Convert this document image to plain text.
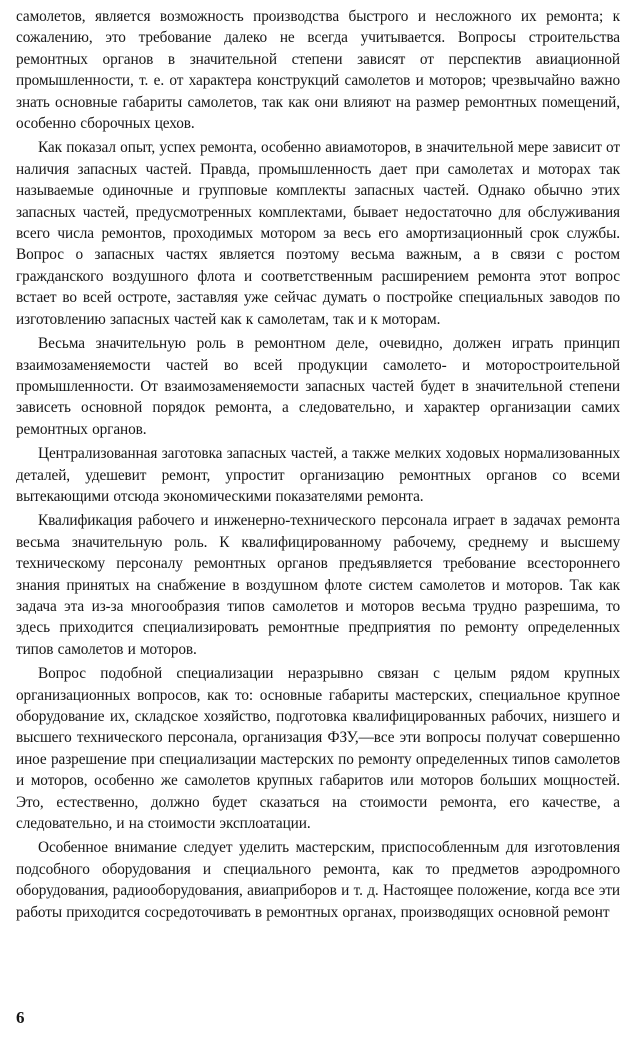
самолетов, является возможность производства быстрого и несложного их ремонта; к сожалению, это требование далеко не всегда учитывается. Вопросы строительства ремонтных органов в значительной степени зависят от перспектив авиационной промышленности, т. е. от характера конструкций самолетов и моторов; чрезвычайно важно знать основные габариты самолетов, так как они влияют на размер ремонтных помещений, особенно сборочных цехов.

Как показал опыт, успех ремонта, особенно авиамоторов, в значительной мере зависит от наличия запасных частей. Правда, промышленность дает при самолетах и моторах так называемые одиночные и групповые комплекты запасных частей. Однако обычно этих запасных частей, предусмотренных комплектами, бывает недостаточно для обслуживания всего числа ремонтов, проходимых мотором за весь его амортизационный срок службы. Вопрос о запасных частях является поэтому весьма важным, а в связи с ростом гражданского воздушного флота и соответственным расширением ремонта этот вопрос встает во всей остроте, заставляя уже сейчас думать о постройке специальных заводов по изготовлению запасных частей как к самолетам, так и к моторам.

Весьма значительную роль в ремонтном деле, очевидно, должен играть принцип взаимозаменяемости частей во всей продукции самолето- и моторостроительной промышленности. От взаимозаменяемости запасных частей будет в значительной степени зависеть основной порядок ремонта, а следовательно, и характер организации самих ремонтных органов.

Централизованная заготовка запасных частей, а также мелких ходовых нормализованных деталей, удешевит ремонт, упростит организацию ремонтных органов со всеми вытекающими отсюда экономическими показателями ремонта.

Квалификация рабочего и инженерно-технического персонала играет в задачах ремонта весьма значительную роль. К квалифицированному рабочему, среднему и высшему техническому персоналу ремонтных органов предъявляется требование всестороннего знания принятых на снабжение в воздушном флоте систем самолетов и моторов. Так как задача эта из-за многообразия типов самолетов и моторов весьма трудно разрешима, то здесь приходится специализировать ремонтные предприятия по ремонту определенных типов самолетов и моторов.

Вопрос подобной специализации неразрывно связан с целым рядом крупных организационных вопросов, как то: основные габариты мастерских, специальное крупное оборудование их, складское хозяйство, подготовка квалифицированных рабочих, низшего и высшего технического персонала, организация ФЗУ,—все эти вопросы получат совершенно иное разрешение при специализации мастерских по ремонту определенных типов самолетов и моторов, особенно же самолетов крупных габаритов или моторов больших мощностей. Это, естественно, должно будет сказаться на стоимости ремонта, его качестве, а следовательно, и на стоимости эксплоатации.

Особенное внимание следует уделить мастерским, приспособленным для изготовления подсобного оборудования и специального ремонта, как то предметов аэродромного оборудования, радиооборудования, авиаприборов и т. д. Настоящее положение, когда все эти работы приходится сосредоточивать в ремонтных органах, производящих основной ремонт

6
